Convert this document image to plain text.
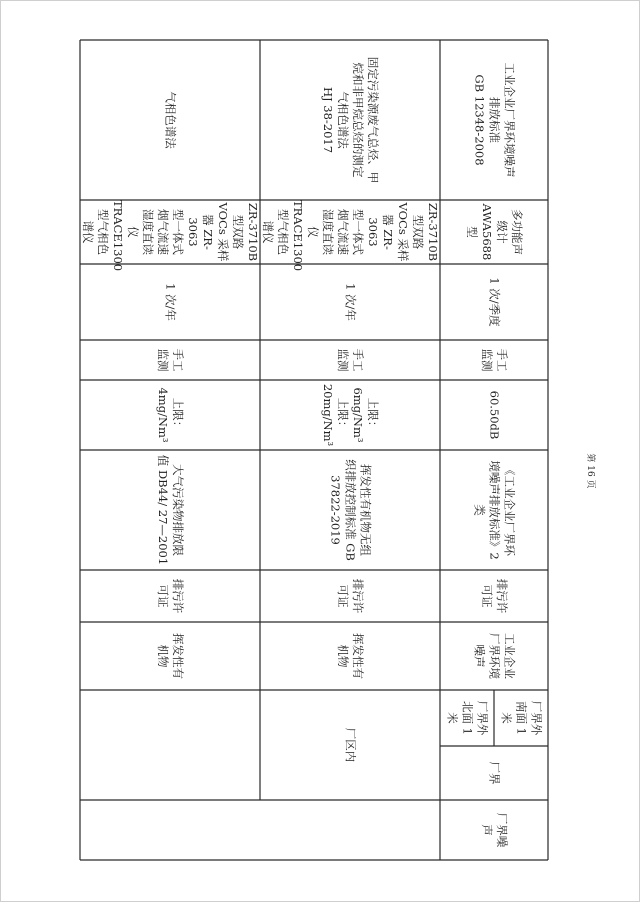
气相色谱法
ZR-3710B
型双路
VOCs 采样
器 ZR-3063
型一体式
烟气流速
湿度直读
仪
TRACE1300
型气相色
谱仪
1 次/年
手工
监测
上限：
4mg/Nm³
大气污染物排放限
值 DB44/ 27—2001
排污许
可证
挥发性有
机物
固定污染源废气总烃、甲
烷和非甲烷总烃的测定
气相色谱法
HJ 38-2017
ZR-3710B
型双路
VOCs 采样
器 ZR-3063
型一体式
烟气流速
湿度直读
仪
TRACE1300
型气相色
谱仪
1 次/年
手工
监测
上限：
6mg/Nm³
上限：
20mg/Nm³
挥发性有机物无组
织排放控制标准 GB
37822-2019
排污许
可证
挥发性有
机物
厂区内
工业企业厂界环境噪声
排放标准
GB 12348-2008
多功能声
级计
AWA5688 型
1 次/季度
手工
监测
60.50dB
《工业企业厂界环
境噪声排放标准》2
类
排污许
可证
工业企业
厂界环境
噪声
厂界外
北面 1
米	厂界外
南面 1
米
厂界
厂界噪
声
第 16 页
